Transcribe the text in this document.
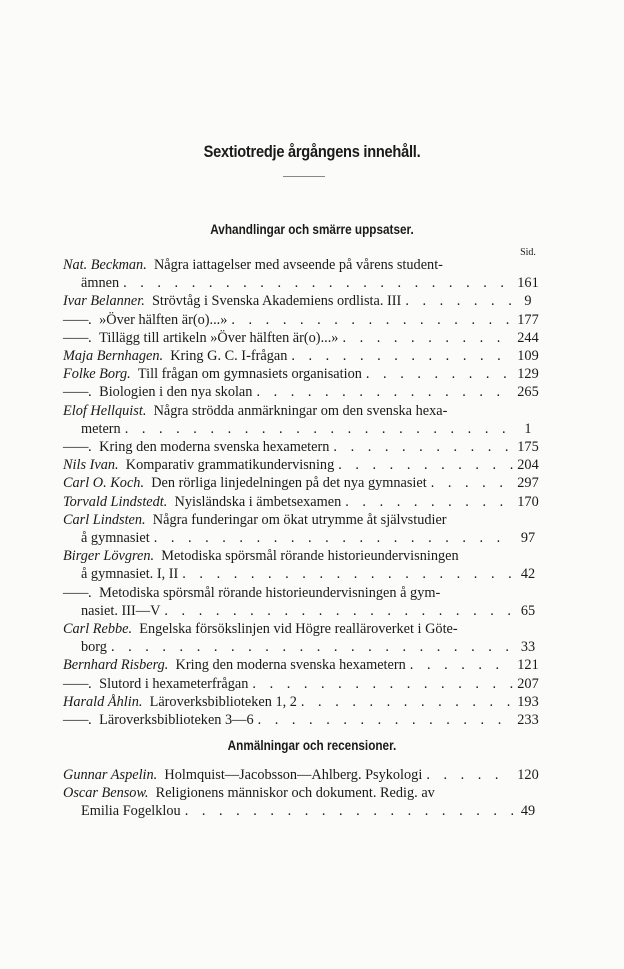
Sextiotredje årgångens innehåll.
Avhandlingar och smärre uppsatser.
Sid.
Nat. Beckman.
Några iattagelser med avseende på vårens student-
ämnen . . .	161
Ivar Belanner.
Strövtåg i Svenska Akademiens ordlista. III . . .	9
——.
»Över hälften är(o)...» . . .	177
——.
Tillägg till artikeln »Över hälften är(o)...» . . .	244
Maja Bernhagen.
Kring G. C. I-frågan . . .	109
Folke Borg.
Till frågan om gymnasiets organisation . . .	129
——.
Biologien i den nya skolan . . .	265
Elof Hellquist.
Några strödda anmärkningar om den svenska hexa-
metern . . .	1
——.
Kring den moderna svenska hexametern . . .	175
Nils Ivan.
Komparativ grammatikundervisning . . .	204
Carl O. Koch.
Den rörliga linjedelningen på det nya gymnasiet . . .	297
Torvald Lindstedt.
Nyisländska i ämbetsexamen . . .	170
Carl Lindsten.
Några funderingar om ökat utrymme åt självstudier
å gymnasiet . . .	97
Birger Lövgren.
Metodiska spörsmål rörande historieundervisningen
å gymnasiet. I, II . . .	42
——.
Metodiska spörsmål rörande historieundervisningen å gym-
nasiet. III—V . . .	65
Carl Rebbe.
Engelska försökslinjen vid Högre realläroverket i Göte-
borg . . .	33
Bernhard Risberg.
Kring den moderna svenska hexametern . . .	121
——.
Slutord i hexameterfrågan . . .	207
Harald Åhlin.
Läroverksbiblioteken 1, 2 . . .	193
——.
Läroverksbiblioteken 3—6 . . .	233
Anmälningar och recensioner.
Gunnar Aspelin.
Holmquist—Jacobsson—Ahlberg. Psykologi . . .	120
Oscar Bensow.
Religionens människor och dokument. Redig. av
Emilia Fogelklou . . .	49
